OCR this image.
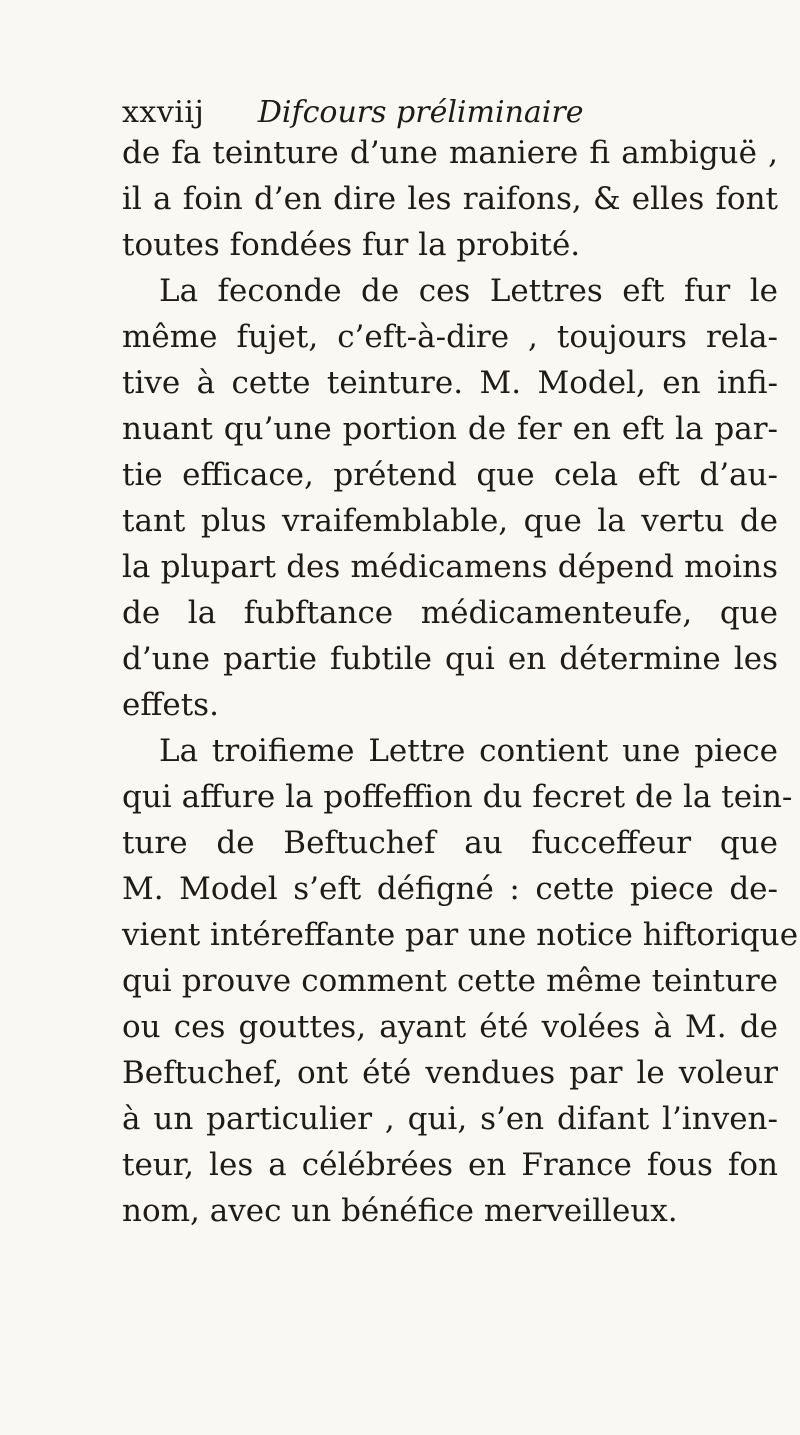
xxviij Difcours préliminaire
de fa teinture d’une maniere fi ambiguë ,
il a foin d’en dire les raifons, & elles font
toutes fondées fur la probité.
La feconde de ces Lettres eft fur le
même fujet, c’eft-à-dire , toujours rela-
tive à cette teinture. M. Model, en infi-
nuant qu’une portion de fer en eft la par-
tie efficace, prétend que cela eft d’au-
tant plus vraifemblable, que la vertu de
la plupart des médicamens dépend moins
de la fubftance médicamenteufe, que
d’une partie fubtile qui en détermine les
effets.
La troifieme Lettre contient une piece
qui affure la poffeffion du fecret de la tein-
ture de Beftuchef au fucceffeur que
M. Model s’eft défigné : cette piece de-
vient intéreffante par une notice hiftorique
qui prouve comment cette même teinture
ou ces gouttes, ayant été volées à M. de
Beftuchef, ont été vendues par le voleur
à un particulier , qui, s’en difant l’inven-
teur, les a célébrées en France fous fon
nom, avec un bénéfice merveilleux.
